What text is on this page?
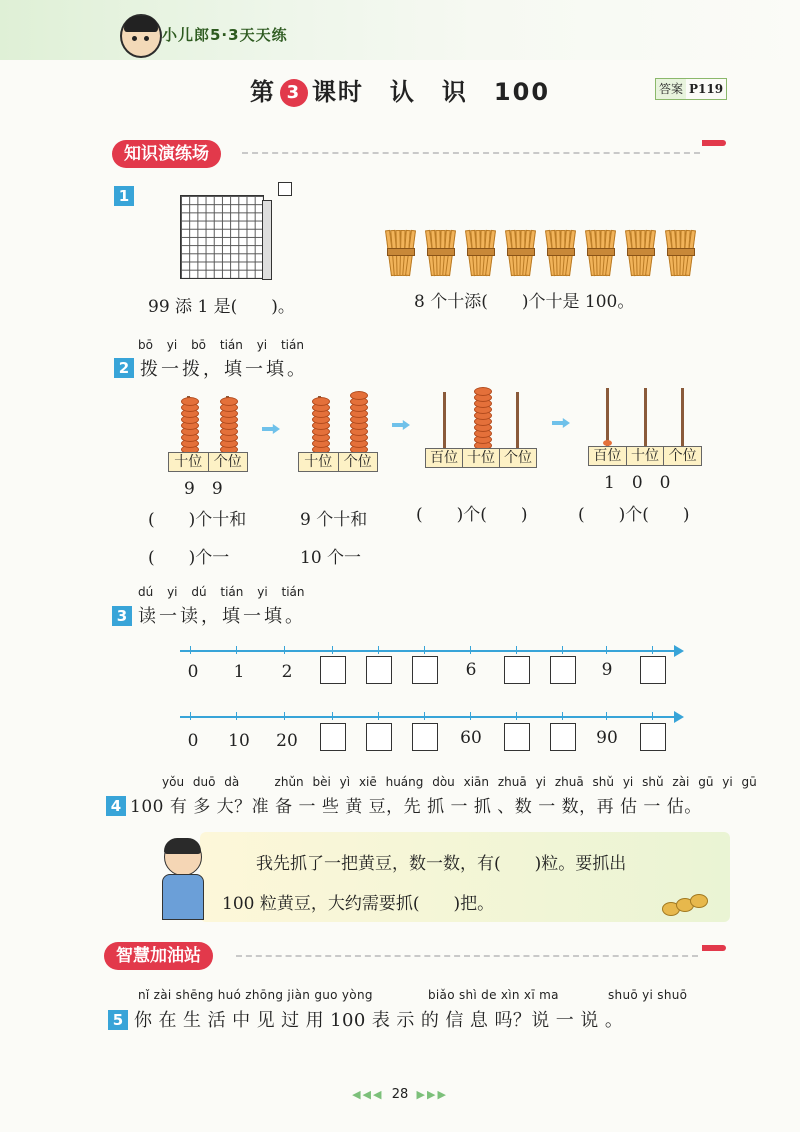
小儿郎5·3天天练
第 3 课时　认　识　100	答案 P119
知识演练场
1
99 添 1 是(　　)。	8 个十添(　　)个十是 100。
bō yi bō tián yi tián
2 拨一拨，填一填。
十位 个位
9　9
十位 个位	百位 十位 个位	百位 十位 个位
1　0　0
(　　)个十和	9 个十和	(　　)个(　　)	(　　)个(　　)
(　　)个一	10 个一
dú yi dú tián yi tián
3 读一读，填一填。
0	1	2	6	9
0	10 20	60	90
yǒu duō dà	zhǔn bèi yì xiē huáng dòu xiān zhuā yi zhuā shǔ yi shǔ zài gū yi gū
4 100 有 多 大？准 备 一 些 黄 豆，先 抓 一 抓 、数 一 数，再 估 一 估。
我先抓了一把黄豆，数一数，有(　　)粒。要抓出
100 粒黄豆，大约需要抓(　　)把。
智慧加油站
nǐ zài shēng huó zhōng jiàn guo yòng	biǎo shì de xìn xī ma	shuō yi shuō
5 你 在 生 活 中 见 过 用 100 表 示 的 信 息 吗？说 一 说 。
◀◀◀ 28 ▶▶▶
